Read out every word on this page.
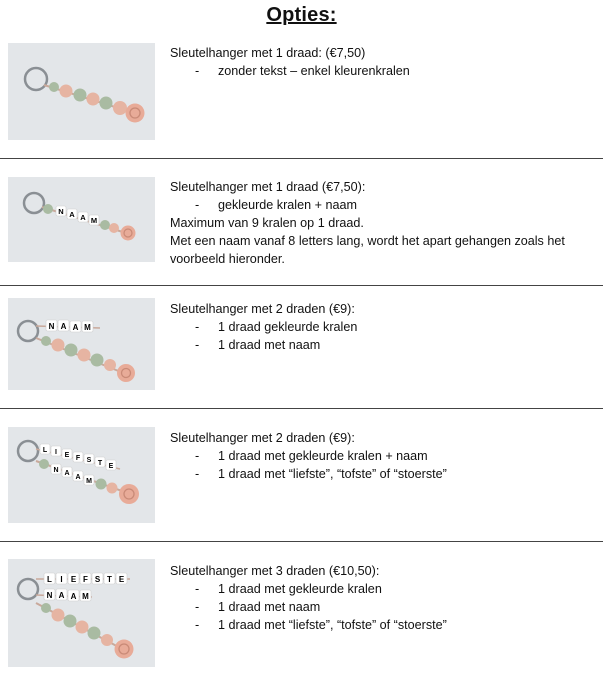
Opties:
Sleutelhanger met 1 draad: (€7,50)
-	zonder tekst – enkel kleurenkralen
N A A M
Sleutelhanger met 1 draad (€7,50):
-	gekleurde kralen + naam
Maximum van 9 kralen op 1 draad.
Met een naam vanaf 8 letters lang, wordt het apart gehangen zoals het voorbeeld hieronder.
N A A M
Sleutelhanger met 2 draden (€9):
-	1 draad gekleurde kralen
-	1 draad met naam
L I E F S T E
N A
A
M
Sleutelhanger met 2 draden (€9):
-	1 draad met gekleurde kralen + naam
-	1 draad met “liefste”, “tofste” of “stoerste”
L I E F S T E
N A A M
Sleutelhanger met 3 draden (€10,50):
-	1 draad met gekleurde kralen
-	1 draad met naam
-	1 draad met “liefste”, “tofste” of “stoerste”
